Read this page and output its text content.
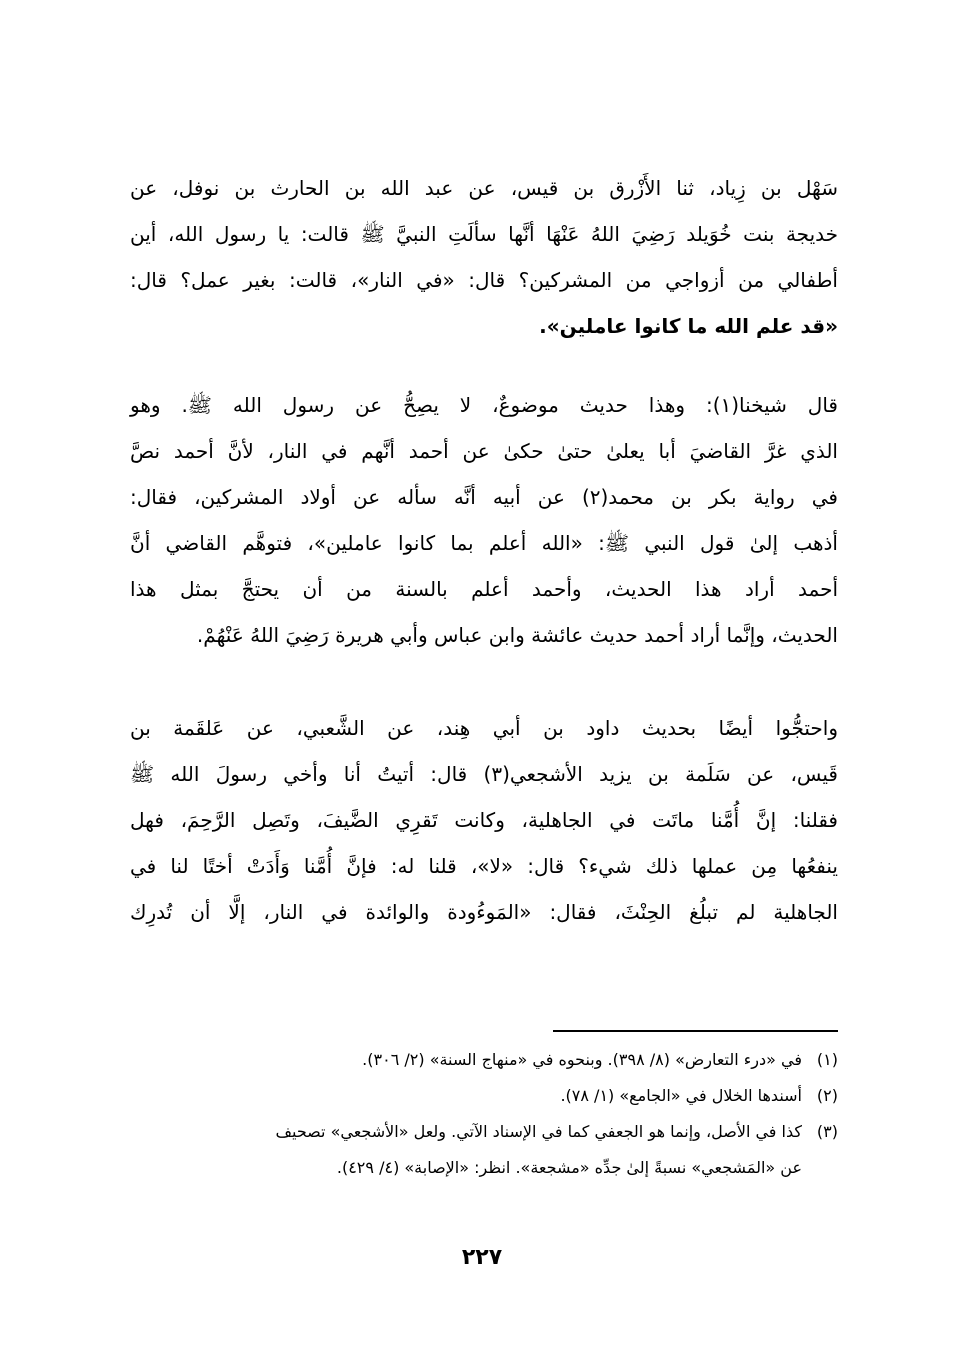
سَهْل بن زِياد، ثنا الأَزْرق بن قيس، عن عبد الله بن الحارث بن نوفل، عن
خديجة بنت خُوَيلد رَضِيَ اللهُ عَنْهَا أنَّها سألَتِ النبيَّ ﷺ قالت: يا رسول الله، أين
أطفالي من أزواجي من المشركين؟ قال: «في النار»، قالت: بغير عمل؟ قال:
«قد علم الله ما كانوا عاملين».
قال شيخنا(١): وهذا حديث موضوعٌ، لا يصِحُّ عن رسول الله ﷺ. وهو
الذي غرَّ القاضيَ أبا يعلىٰ حتىٰ حكىٰ عن أحمد أنَّهم في النار، لأنَّ أحمد نصَّ
في رواية بكر بن محمد(٢) عن أبيه أنَّه سأله عن أولاد المشركين، فقال:
أذهب إلىٰ قول النبي ﷺ: «الله أعلم بما كانوا عاملين»، فتوهَّم القاضي أنَّ
أحمد أراد هذا الحديث، وأحمد أعلم بالسنة من أن يحتجَّ بمثل هذا
الحديث، وإنَّما أراد أحمد حديث عائشة وابن عباس وأبي هريرة رَضِيَ اللهُ عَنْهُمْ.
واحتجُّوا أيضًا بحديث داود بن أبي هِند، عن الشَّعبي، عن عَلقَمة بن
قَيس، عن سَلَمة بن يزيد الأشجعي(٣) قال: أتيتُ أنا وأخي رسولَ الله ﷺ
فقلنا: إنَّ أُمَّنا ماتَت في الجاهلية، وكانت تَقرِي الضَّيفَ، وتَصِل الرَّحِمَ، فهل
ينفعُها مِن عملها ذلك شيء؟ قال: «لا»، قلنا له: فإنَّ أُمَّنا وَأَدَتْ أختًا لنا في
الجاهلية لم تبلُغ الحِنْثَ، فقال: «المَوءُودة والوائدة في النار، إلَّا أن تُدرِك
(١)في «درء التعارض» (٨/ ٣٩٨). وبنحوه في «منهاج السنة» (٢/ ٣٠٦).
(٢)أسندها الخلال في «الجامع» (١/ ٧٨).
(٣)كذا في الأصل، وإنما هو الجعفي كما في الإسناد الآتي. ولعل «الأشجعي» تصحيف
عن «المَشجعي» نسبةً إلىٰ جدِّه «مشجعة». انظر: «الإصابة» (٤/ ٤٢٩).
٢٢٧
